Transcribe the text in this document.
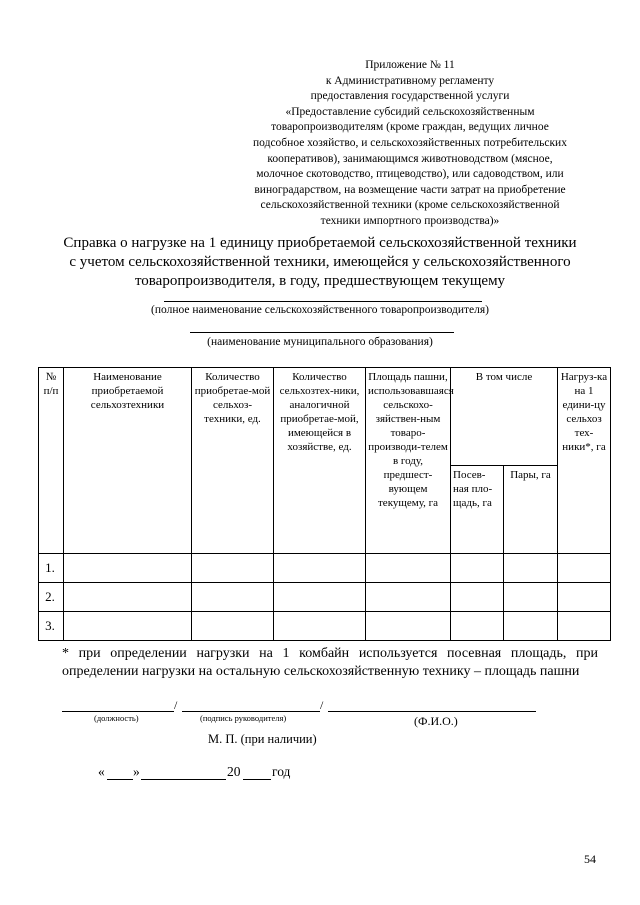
Приложение № 11
к Административному регламенту
предоставления государственной услуги
«Предоставление субсидий сельскохозяйственным
товаропроизводителям (кроме граждан, ведущих личное
подсобное хозяйство, и сельскохозяйственных потребительских
кооперативов), занимающимся животноводством (мясное,
молочное скотоводство, птицеводство), или садоводством, или
виноградарством, на возмещение части затрат на приобретение
сельскохозяйственной техники (кроме сельскохозяйственной
техники импортного производства)»
Справка о нагрузке на 1 единицу приобретаемой сельскохозяйственной техники
с учетом сельскохозяйственной техники, имеющейся у сельскохозяйственного
товаропроизводителя, в году, предшествующем текущему
(полное наименование сельскохозяйственного товаропроизводителя)
(наименование муниципального образования)
№ п/п	Наименование приобретаемой сельхозтехники	Количество приобретае-мой сельхоз-техники, ед.	Количество сельхозтех-ники, аналогичной приобретае-мой, имеющейся в хозяйстве, ед.	Площадь пашни, использовавшаяся сельскохо-зяйствен-ным товаро-производи-телем в году, предшест-вующем текущему, га	В том числе		Нагруз-ка на 1 едини-цу сельхоз тех-ники*, га
					Посев-ная пло-щадь, га	Пары, га	
1.							
2.							
3.							
* при определении нагрузки на 1 комбайн используется посевная площадь, при определении нагрузки на остальную сельскохозяйственную технику – площадь пашни
/	/
(должность)	(подпись руководителя)	(Ф.И.О.)
М. П. (при наличии)
« »	20 год
54
